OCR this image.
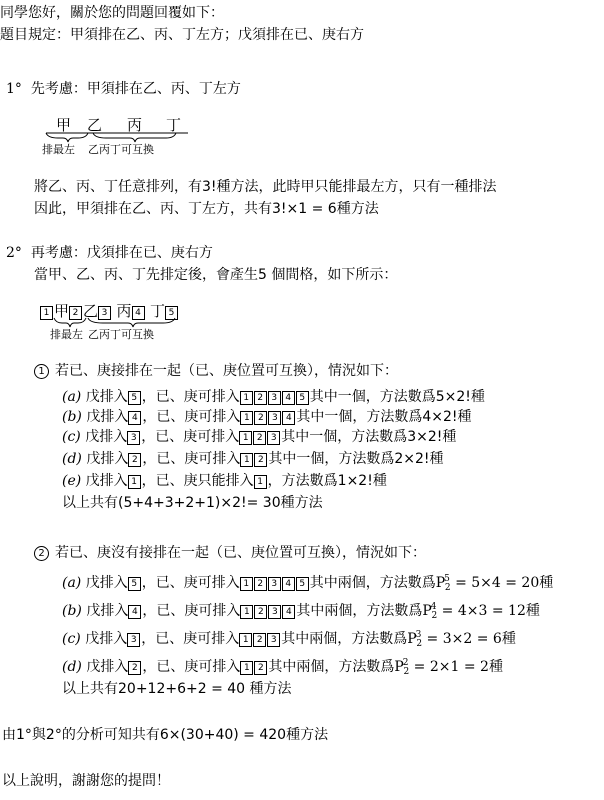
同學您好，關於您的問題回覆如下：
題目規定：甲須排在乙、丙、丁左方；戊須排在已、庚右方
1° 先考慮：甲須排在乙、丙、丁左方
甲 乙 丙 丁
排最左 乙丙丁可互換
將乙、丙、丁任意排列，有3!種方法，此時甲只能排最左方，只有一種排法
因此，甲須排在乙、丙、丁左方，共有3!×1 = 6種方法
2° 再考慮：戊須排在已、庚右方
當甲、乙、丙、丁先排定後，會產生5 個間格，如下所示：
1 甲 2 乙 3 丙 4 丁 5
排最左 乙丙丁可互換
1 若已、庚接排在一起（已、庚位置可互換），情況如下：
(a) 戊排入 5 ，已、庚可排入 1 2 3 4 5 其中一個，方法數爲5×2!種
(b) 戊排入 4 ，已、庚可排入 1 2 3 4 其中一個，方法數爲4×2!種
(c) 戊排入 3 ，已、庚可排入 1 2 3 其中一個，方法數爲3×2!種
(d) 戊排入 2 ，已、庚可排入 1 2 其中一個，方法數爲2×2!種
(e) 戊排入 1 ，已、庚只能排入 1 ，方法數爲1×2!種
以上共有(5+4+3+2+1)×2!= 30種方法
2 若已、庚沒有接排在一起（已、庚位置可互換），情況如下：
(a) 戊排入 5 ，已、庚可排入 1 2 3 4 5 其中兩個，方法數爲$P^5_2 = 5\times 4 = 20$種
(b) 戊排入 4 ，已、庚可排入 1 2 3 4 其中兩個，方法數爲$P^4_2 = 4\times 3 = 12$種
(c) 戊排入 3 ，已、庚可排入 1 2 3 其中兩個，方法數爲$P^3_2 = 3\times 2 = 6$種
(d) 戊排入 2 ，已、庚可排入 1 2 其中兩個，方法數爲$P^2_2 = 2\times 1 = 2$種
以上共有20+12+6+2 = 40 種方法
由1°與2°的分析可知共有6×(30+40) = 420種方法
以上說明，謝謝您的提問！
